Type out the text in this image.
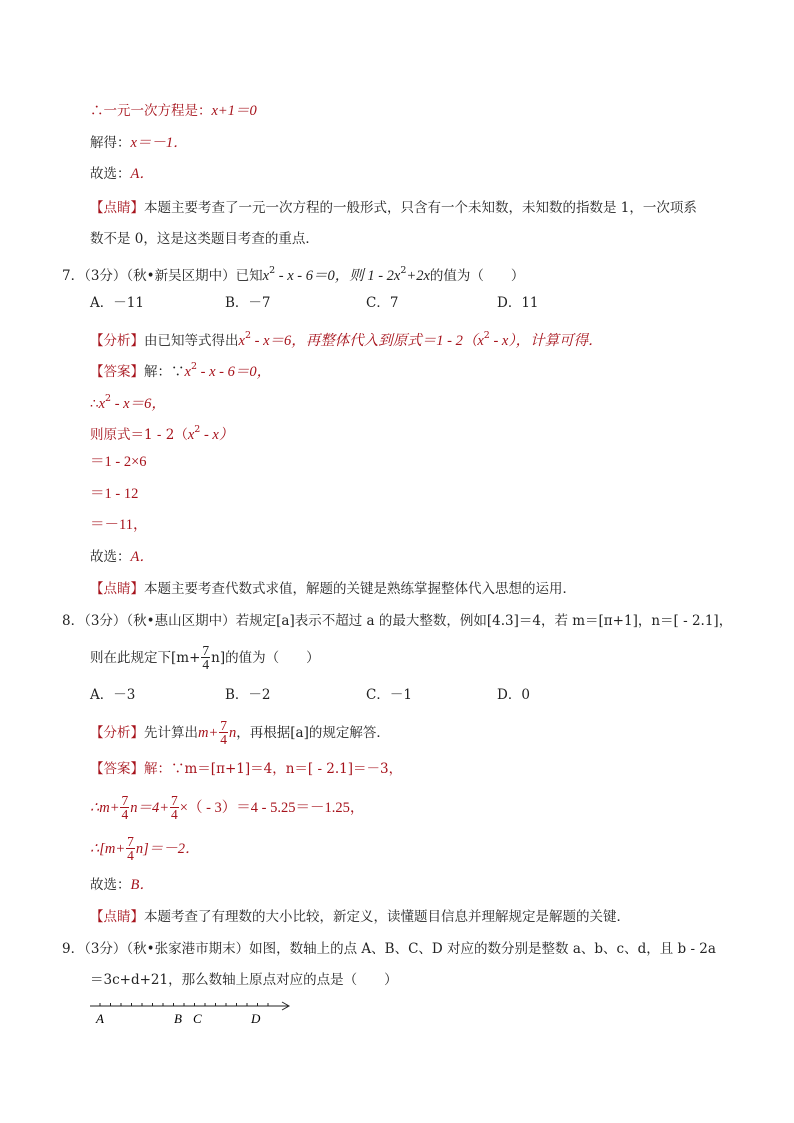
∴一元一次方程是：x+1＝0
解得：x＝－1．
故选：A．
【点睛】本题主要考查了一元一次方程的一般形式，只含有一个未知数，未知数的指数是 1，一次项系
数不是 0，这是这类题目考查的重点．
7．（3分）（秋•新吴区期中）已知$x^2 - x - 6=0$，则 $1 - 2x^2+2x$的值为（　　）
A．－11	B．－7	C．7	D．11
【分析】由已知等式得出$x^2 - x=6$，再整体代入到原式$=1 - 2(x^2 - x)$，计算可得．
【答案】解：$\because x^2 - x - 6=0$，
$\therefore x^2 - x=6$，
则原式$=1 - 2(x^2 - x)$
＝1 - 2×6
＝1 - 12
＝－11，
故选：A．
【点睛】本题主要考查代数式求值，解题的关键是熟练掌握整体代入思想的运用．
8．（3分）（秋•惠山区期中）若规定[a]表示不超过 a 的最大整数，例如[4.3]＝4，若 m＝[π+1]，n＝[ - 2.1]，
则在此规定下$[m+ \frac{7}{4} n]$的值为（　　）
A．－3	B．－2	C．－1	D．0
【分析】先计算出$m+ \frac{7}{4}$ n，再根据[a]的规定解答．
【答案】解：∵m＝[π+1]＝4，n＝[ - 2.1]＝－3，
∴m+ $\frac{7}{4} n=4+ \frac{7}{4}$ ×（ - 3）＝4 - 5.25＝－1.25，
∴[m+ $\frac{7}{4} n]=-2$．
故选：B．
【点睛】本题考查了有理数的大小比较，新定义，读懂题目信息并理解规定是解题的关键．
9．（3分）（秋•张家港市期末）如图，数轴上的点 A、B、C、D 对应的数分别是整数 a、b、c、d，且 b - 2a
＝3c+d+21，那么数轴上原点对应的点是（　　）
A	B C	D
